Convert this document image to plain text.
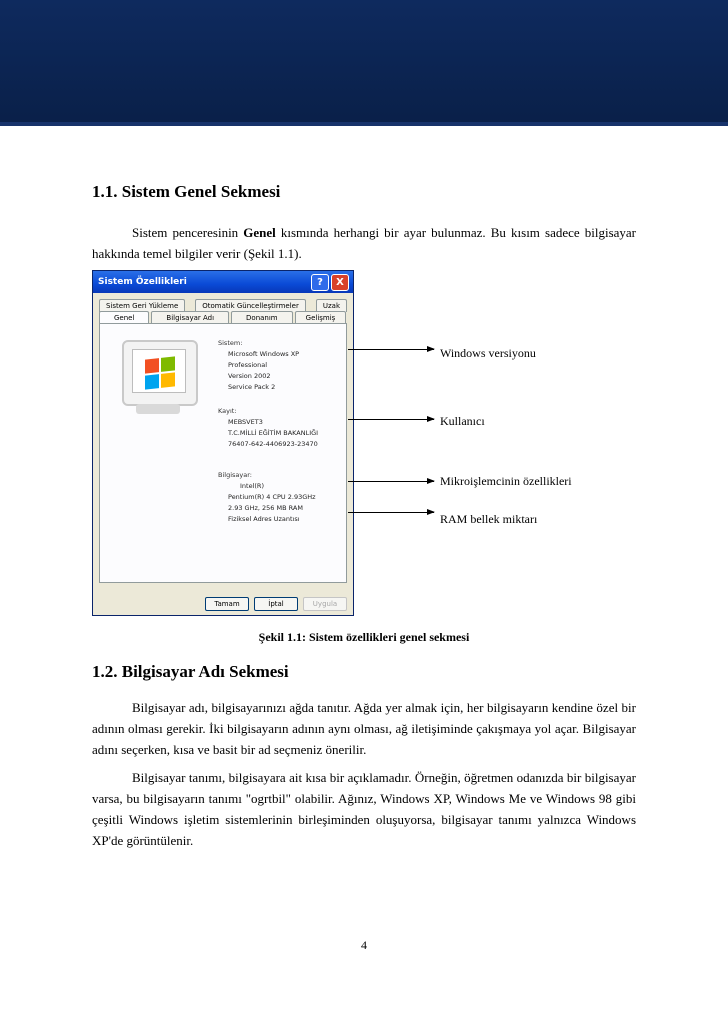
1.1. Sistem Genel Sekmesi
Sistem penceresinin Genel kısmında herhangi bir ayar bulunmaz. Bu kısım sadece bilgisayar hakkında temel bilgiler verir (Şekil 1.1).
Sistem Özellikleri	?	X
Sistem Geri Yükleme	Otomatik Güncelleştirmeler	Uzak
Genel	Bilgisayar Adı	Donanım	Gelişmiş
Sistem:
Microsoft Windows XP
Professional
Version 2002
Service Pack 2
Kayıt:
MEBSVET3
T.C.MİLLİ EĞİTİM BAKANLIĞI
76407-642-4406923-23470
Bilgisayar:
Intel(R)
Pentium(R) 4 CPU 2.93GHz
2.93 GHz, 256 MB RAM
Fiziksel Adres Uzantısı
Tamam	İptal	Uygula
Windows versiyonu
Kullanıcı
Mikroişlemcinin özellikleri
RAM bellek miktarı
Şekil 1.1: Sistem özellikleri genel sekmesi
1.2. Bilgisayar Adı Sekmesi
Bilgisayar adı, bilgisayarınızı ağda tanıtır. Ağda yer almak için, her bilgisayarın kendine özel bir adının olması gerekir. İki bilgisayarın adının aynı olması, ağ iletişiminde çakışmaya yol açar. Bilgisayar adını seçerken, kısa ve basit bir ad seçmeniz önerilir.
Bilgisayar tanımı, bilgisayara ait kısa bir açıklamadır. Örneğin, öğretmen odanızda bir bilgisayar varsa, bu bilgisayarın tanımı "ogrtbil" olabilir. Ağınız, Windows XP, Windows Me ve Windows 98 gibi çeşitli Windows işletim sistemlerinin birleşiminden oluşuyorsa, bilgisayar tanımı yalnızca Windows XP'de görüntülenir.
4
